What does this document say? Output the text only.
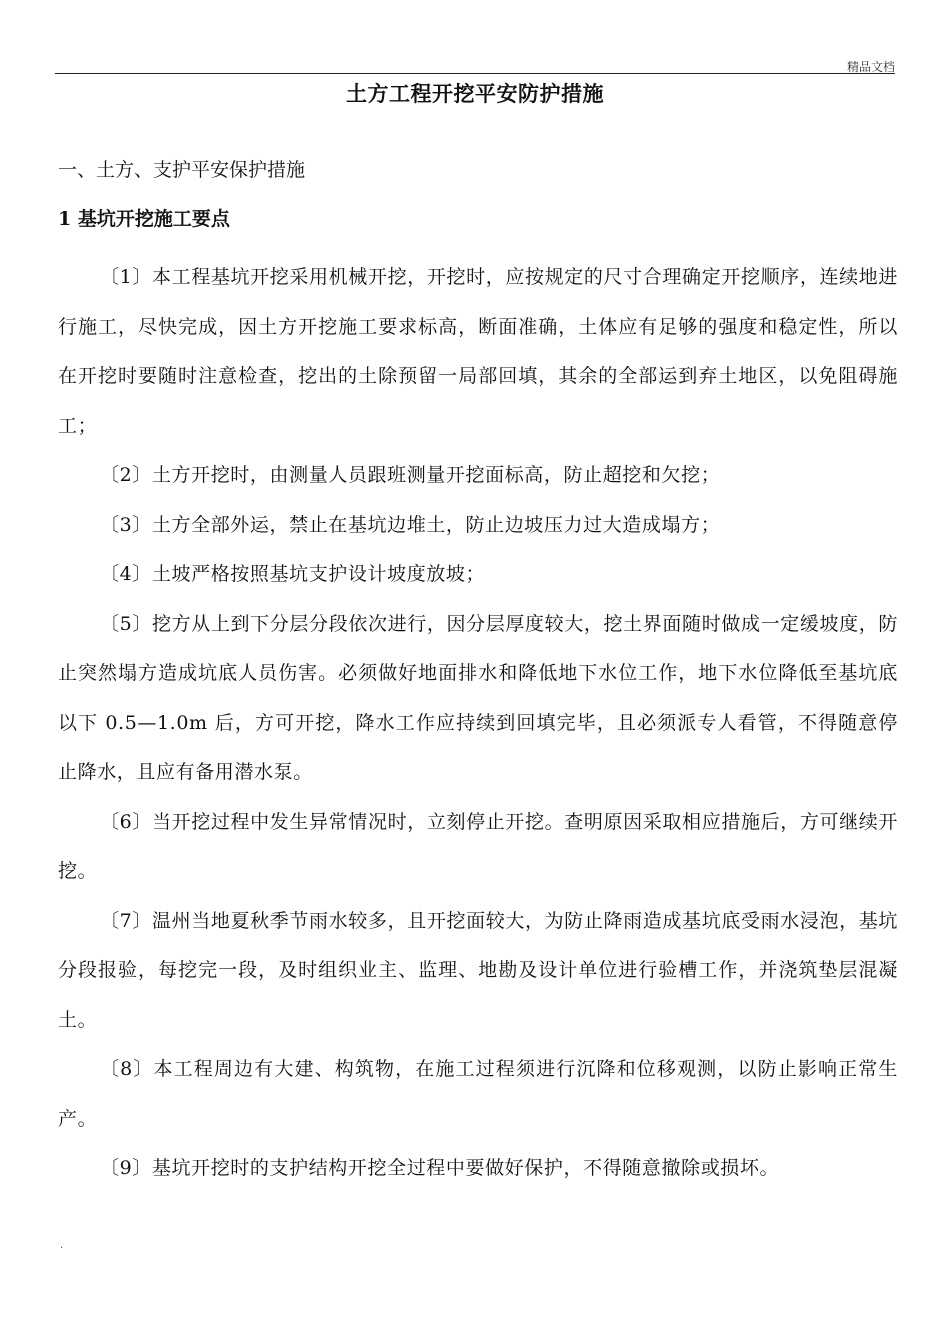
精品文档
土方工程开挖平安防护措施
一、土方、支护平安保护措施
1 基坑开挖施工要点

〔1〕本工程基坑开挖采用机械开挖，开挖时，应按规定的尺寸合理确定开挖顺序，连续地进行施工，尽快完成，因土方开挖施工要求标高，断面准确，土体应有足够的强度和稳定性，所以在开挖时要随时注意检查，挖出的土除预留一局部回填，其余的全部运到弃土地区，以免阻碍施工；

〔2〕土方开挖时，由测量人员跟班测量开挖面标高，防止超挖和欠挖；

〔3〕土方全部外运，禁止在基坑边堆土，防止边坡压力过大造成塌方；

〔4〕土坡严格按照基坑支护设计坡度放坡；

〔5〕挖方从上到下分层分段依次进行，因分层厚度较大，挖土界面随时做成一定缓坡度，防止突然塌方造成坑底人员伤害。必须做好地面排水和降低地下水位工作，地下水位降低至基坑底以下 0.5—1.0m 后，方可开挖，降水工作应持续到回填完毕，且必须派专人看管，不得随意停止降水，且应有备用潜水泵。

〔6〕当开挖过程中发生异常情况时，立刻停止开挖。查明原因采取相应措施后，方可继续开挖。

〔7〕温州当地夏秋季节雨水较多，且开挖面较大，为防止降雨造成基坑底受雨水浸泡，基坑分段报验，每挖完一段，及时组织业主、监理、地勘及设计单位进行验槽工作，并浇筑垫层混凝土。

〔8〕本工程周边有大建、构筑物，在施工过程须进行沉降和位移观测，以防止影响正常生产。

〔9〕基坑开挖时的支护结构开挖全过程中要做好保护，不得随意撤除或损坏。

.
